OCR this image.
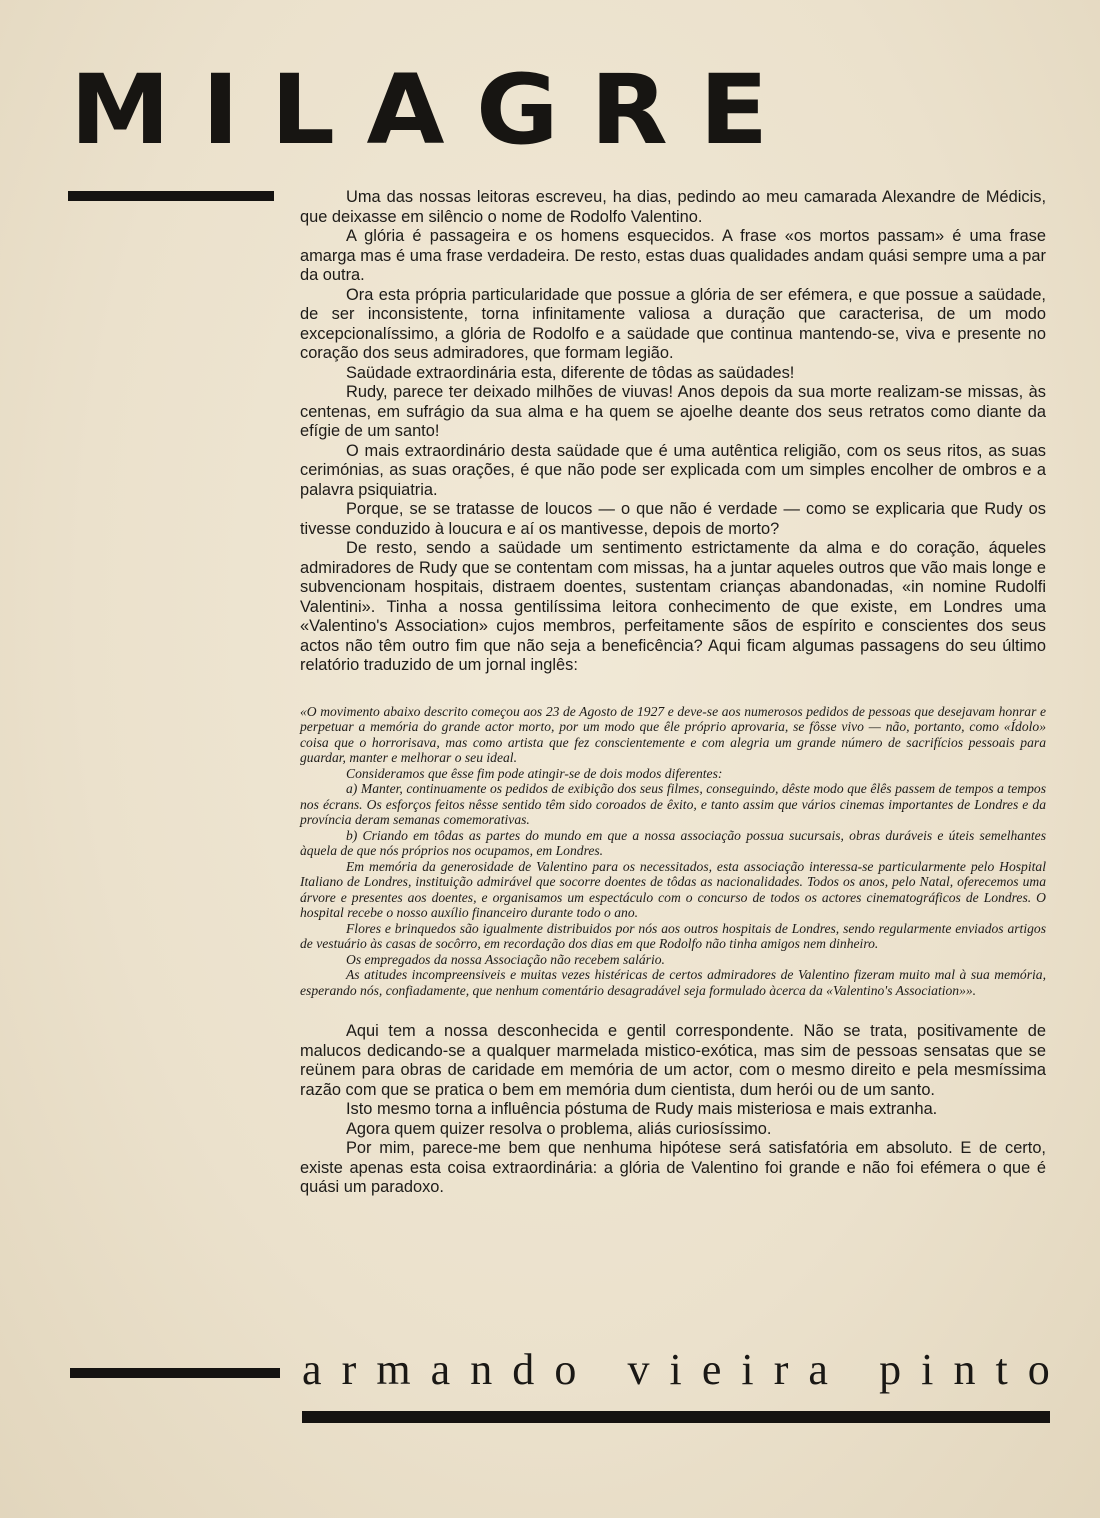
MILAGRE

Uma das nossas leitoras escreveu, ha dias, pedindo ao meu camarada Alexandre de Médicis, que deixasse em silêncio o nome de Rodolfo Valentino.

A glória é passageira e os homens esquecidos. A frase «os mortos passam» é uma frase amarga mas é uma frase verdadeira. De resto, estas duas qualidades andam quási sempre uma a par da outra.

Ora esta própria particularidade que possue a glória de ser efémera, e que possue a saüdade, de ser inconsistente, torna infinitamente valiosa a duração que caracterisa, de um modo excepcionalíssimo, a glória de Rodolfo e a saüdade que continua mantendo-se, viva e presente no coração dos seus admiradores, que formam legião.

Saüdade extraordinária esta, diferente de tôdas as saüdades!

Rudy, parece ter deixado milhões de viuvas! Anos depois da sua morte realizam-se missas, às centenas, em sufrágio da sua alma e ha quem se ajoelhe deante dos seus retratos como diante da efígie de um santo!

O mais extraordinário desta saüdade que é uma autêntica religião, com os seus ritos, as suas cerimónias, as suas orações, é que não pode ser explicada com um simples encolher de ombros e a palavra psiquiatria.

Porque, se se tratasse de loucos — o que não é verdade — como se explicaria que Rudy os tivesse conduzido à loucura e aí os mantivesse, depois de morto?

De resto, sendo a saüdade um sentimento estrictamente da alma e do coração, áqueles admiradores de Rudy que se contentam com missas, ha a juntar aqueles outros que vão mais longe e subvencionam hospitais, distraem doentes, sustentam crianças abandonadas, «in nomine Rudolfi Valentini». Tinha a nossa gentilíssima leitora conhecimento de que existe, em Londres uma «Valentino's Association» cujos membros, perfeitamente sãos de espírito e conscientes dos seus actos não têm outro fim que não seja a beneficência? Aqui ficam algumas passagens do seu último relatório traduzido de um jornal inglês:

«O movimento abaixo descrito começou aos 23 de Agosto de 1927 e deve-se aos numerosos pedidos de pessoas que desejavam honrar e perpetuar a memória do grande actor morto, por um modo que êle próprio aprovaria, se fôsse vivo — não, portanto, como «Ídolo» coisa que o horrorisava, mas como artista que fez conscientemente e com alegria um grande número de sacrifícios pessoais para guardar, manter e melhorar o seu ideal.

Consideramos que êsse fim pode atingir-se de dois modos diferentes:

a) Manter, continuamente os pedidos de exibição dos seus filmes, conseguindo, dêste modo que êlês passem de tempos a tempos nos écrans. Os esforços feitos nêsse sentido têm sido coroados de êxito, e tanto assim que vários cinemas importantes de Londres e da província deram semanas comemorativas.

b) Criando em tôdas as partes do mundo em que a nossa associação possua sucursais, obras duráveis e úteis semelhantes àquela de que nós próprios nos ocupamos, em Londres.

Em memória da generosidade de Valentino para os necessitados, esta associação interessa-se particularmente pelo Hospital Italiano de Londres, instituição admirável que socorre doentes de tôdas as nacionalidades. Todos os anos, pelo Natal, oferecemos uma árvore e presentes aos doentes, e organisamos um espectáculo com o concurso de todos os actores cinematográficos de Londres. O hospital recebe o nosso auxílio financeiro durante todo o ano.

Flores e brinquedos são igualmente distribuidos por nós aos outros hospitais de Londres, sendo regularmente enviados artigos de vestuário às casas de socôrro, em recordação dos dias em que Rodolfo não tinha amigos nem dinheiro.

Os empregados da nossa Associação não recebem salário.

As atitudes incompreensiveis e muitas vezes histéricas de certos admiradores de Valentino fizeram muito mal à sua memória, esperando nós, confiadamente, que nenhum comentário desagradável seja formulado àcerca da «Valentino's Association»».

Aqui tem a nossa desconhecida e gentil correspondente. Não se trata, positivamente de malucos dedicando-se a qualquer marmelada mistico-exótica, mas sim de pessoas sensatas que se reünem para obras de caridade em memória de um actor, com o mesmo direito e pela mesmíssima razão com que se pratica o bem em memória dum cientista, dum herói ou de um santo.

Isto mesmo torna a influência póstuma de Rudy mais misteriosa e mais extranha.

Agora quem quizer resolva o problema, aliás curiosíssimo.

Por mim, parece-me bem que nenhuma hipótese será satisfatória em absoluto. E de certo, existe apenas esta coisa extraordinária: a glória de Valentino foi grande e não foi efémera o que é quási um paradoxo.

a r m a n d o
v i e i r a
p i n t o
